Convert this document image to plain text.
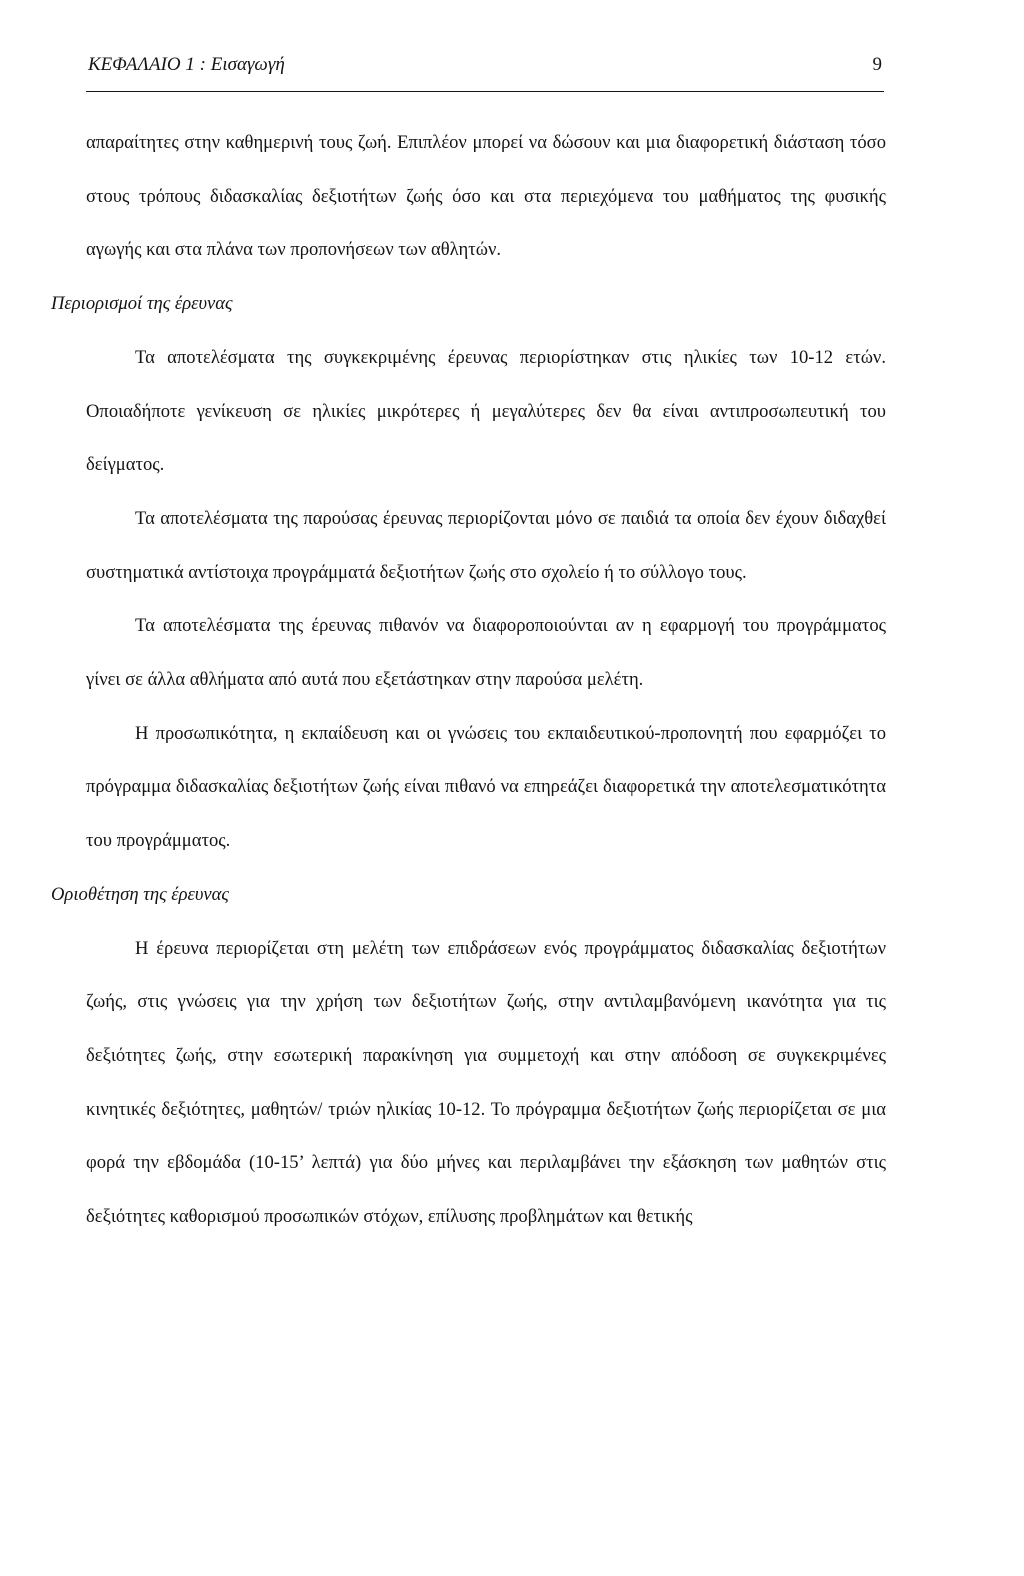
ΚΕΦΑΛΑΙΟ 1 : Εισαγωγή	9

απαραίτητες στην καθημερινή τους ζωή. Επιπλέον μπορεί να δώσουν και μια διαφορετική διάσταση τόσο στους τρόπους διδασκαλίας δεξιοτήτων ζωής όσο και στα περιεχόμενα του μαθήματος της φυσικής αγωγής και στα πλάνα των προπονήσεων των αθλητών.

Περιορισμοί της έρευνας

Τα αποτελέσματα της συγκεκριμένης έρευνας περιορίστηκαν στις ηλικίες των 10-12 ετών. Οποιαδήποτε γενίκευση σε ηλικίες μικρότερες ή μεγαλύτερες δεν θα είναι αντιπροσωπευτική του δείγματος.

Τα αποτελέσματα της παρούσας έρευνας περιορίζονται μόνο σε παιδιά τα οποία δεν έχουν διδαχθεί συστηματικά αντίστοιχα προγράμματά δεξιοτήτων ζωής στο σχολείο ή το σύλλογο τους.

Τα αποτελέσματα της έρευνας πιθανόν να διαφοροποιούνται αν η εφαρμογή του προγράμματος γίνει σε άλλα αθλήματα από αυτά που εξετάστηκαν στην παρούσα μελέτη.

Η προσωπικότητα, η εκπαίδευση και οι γνώσεις του εκπαιδευτικού-προπονητή που εφαρμόζει το πρόγραμμα διδασκαλίας δεξιοτήτων ζωής είναι πιθανό να επηρεάζει διαφορετικά την αποτελεσματικότητα του προγράμματος.

Οριοθέτηση της έρευνας

Η έρευνα περιορίζεται στη μελέτη των επιδράσεων ενός προγράμματος διδασκαλίας δεξιοτήτων ζωής, στις γνώσεις για την χρήση των δεξιοτήτων ζωής, στην αντιλαμβανόμενη ικανότητα για τις δεξιότητες ζωής, στην εσωτερική παρακίνηση για συμμετοχή και στην απόδοση σε συγκεκριμένες κινητικές δεξιότητες, μαθητών/ τριών ηλικίας 10-12. Το πρόγραμμα δεξιοτήτων ζωής περιορίζεται σε μια φορά την εβδομάδα (10-15’ λεπτά) για δύο μήνες και περιλαμβάνει την εξάσκηση των μαθητών στις δεξιότητες καθορισμού προσωπικών στόχων, επίλυσης προβλημάτων και θετικής
